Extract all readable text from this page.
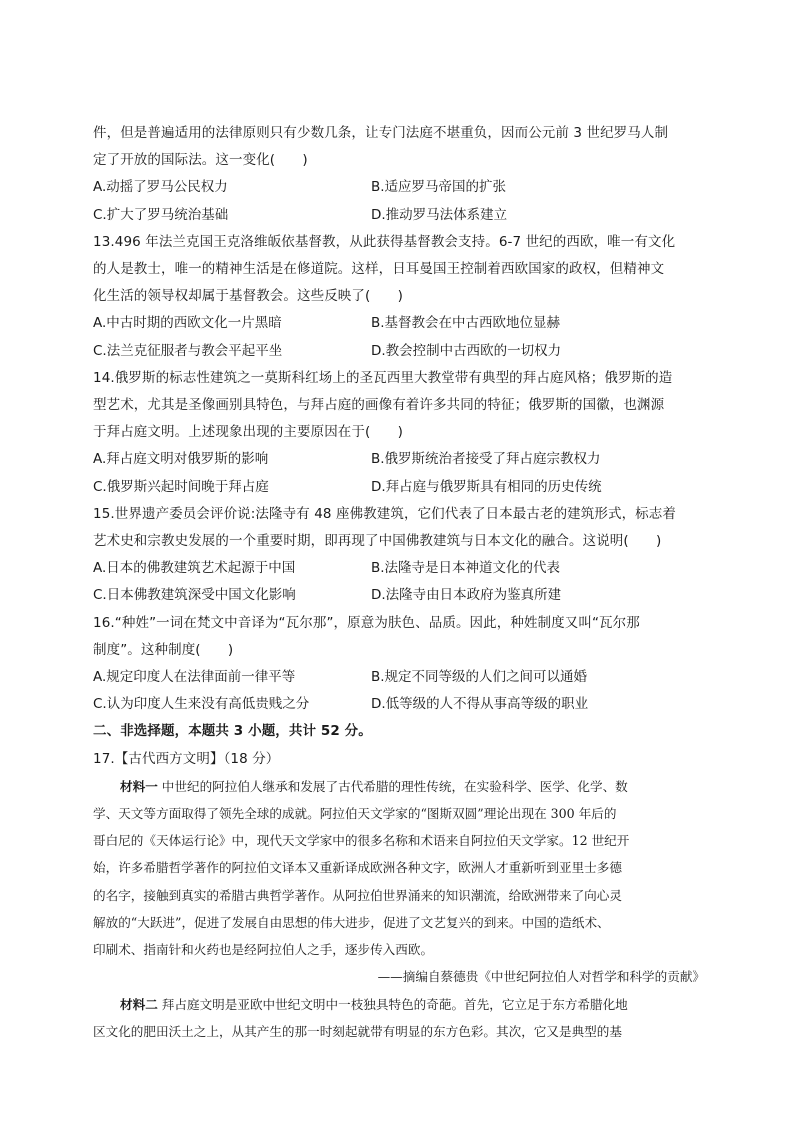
件，但是普遍适用的法律原则只有少数几条，让专门法庭不堪重负，因而公元前 3 世纪罗马人制
定了开放的国际法。这一变化(　　)
A.动摇了罗马公民权力	B.适应罗马帝国的扩张
C.扩大了罗马统治基础	D.推动罗马法体系建立
13.496 年法兰克国王克洛维皈依基督教，从此获得基督教会支持。6-7 世纪的西欧，唯一有文化
的人是教士，唯一的精神生活是在修道院。这样，日耳曼国王控制着西欧国家的政权，但精神文
化生活的领导权却属于基督教会。这些反映了(　　)
A.中古时期的西欧文化一片黑暗	B.基督教会在中古西欧地位显赫
C.法兰克征服者与教会平起平坐	D.教会控制中古西欧的一切权力
14.俄罗斯的标志性建筑之一莫斯科红场上的圣瓦西里大教堂带有典型的拜占庭风格；俄罗斯的造
型艺术，尤其是圣像画别具特色，与拜占庭的画像有着许多共同的特征；俄罗斯的国徽，也渊源
于拜占庭文明。上述现象出现的主要原因在于(　　)
A.拜占庭文明对俄罗斯的影响	B.俄罗斯统治者接受了拜占庭宗教权力
C.俄罗斯兴起时间晚于拜占庭	D.拜占庭与俄罗斯具有相同的历史传统
15.世界遗产委员会评价说:法隆寺有 48 座佛教建筑，它们代表了日本最古老的建筑形式，标志着
艺术史和宗教史发展的一个重要时期，即再现了中国佛教建筑与日本文化的融合。这说明(　　)
A.日本的佛教建筑艺术起源于中国	B.法隆寺是日本神道文化的代表
C.日本佛教建筑深受中国文化影响	D.法隆寺由日本政府为鉴真所建
16.“种姓”一词在梵文中音译为“瓦尔那”，原意为肤色、品质。因此，种姓制度又叫“瓦尔那
制度”。这种制度(　　)
A.规定印度人在法律面前一律平等	B.规定不同等级的人们之间可以通婚
C.认为印度人生来没有高低贵贱之分	D.低等级的人不得从事高等级的职业
二、非选择题，本题共 3 小题，共计 52 分。
17.【古代西方文明】（18 分）
材料一 中世纪的阿拉伯人继承和发展了古代希腊的理性传统，在实验科学、医学、化学、数
学、天文等方面取得了领先全球的成就。阿拉伯天文学家的“图斯双圆”理论出现在 300 年后的
哥白尼的《天体运行论》中，现代天文学家中的很多名称和术语来自阿拉伯天文学家。12 世纪开
始，许多希腊哲学著作的阿拉伯文译本又重新译成欧洲各种文字，欧洲人才重新听到亚里士多德
的名字，接触到真实的希腊古典哲学著作。从阿拉伯世界涌来的知识潮流，给欧洲带来了向心灵
解放的“大跃进”，促进了发展自由思想的伟大进步，促进了文艺复兴的到来。中国的造纸术、
印刷术、指南针和火药也是经阿拉伯人之手，逐步传入西欧。
——摘编自蔡德贵《中世纪阿拉伯人对哲学和科学的贡献》
材料二 拜占庭文明是亚欧中世纪文明中一枝独具特色的奇葩。首先，它立足于东方希腊化地
区文化的肥田沃土之上，从其产生的那一时刻起就带有明显的东方色彩。其次，它又是典型的基
